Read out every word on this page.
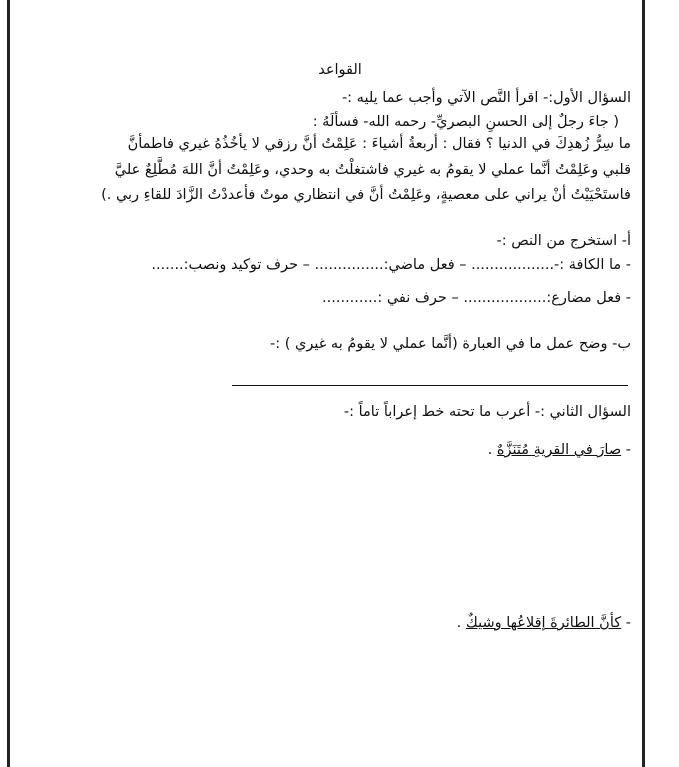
القواعد
السؤال الأول:- اقرأ النَّص الآتي وأجب عما يليه :-
( جاءَ رجلٌ إلى الحسنِ البصريِّ- رحمه الله- فسألَهُ :
ما سِرُّ زُهدِكَ في الدنيا ؟ فقال : أربعةُ أشياءَ : عَلِمْتُ أنَّ رزقي لا يأخُذُهُ غيري فاطمأنَّ
قلبي وعَلِمْتُ أنَّما عملي لا يقومُ به غيري فاشتغلْتُ به وحدي، وعَلِمْتُ أنَّ اللهَ مُطَّلِعٌ عليَّ
فاستَحْيَيْتُ أنْ يراني على معصيةٍ، وعَلِمْتُ أنَّ في انتظاري موتٌ فأعددْتُ الزَّادَ للقاءِ ربي .)
أ- استخرج من النص :-
- ما الكافة :-.................. – فعل ماضي:............... – حرف توكيد ونصب:.......
- فعل مضارع:.................. – حرف نفي :............
ب- وضح عمل ما في العبارة (أنَّما عملي لا يقومُ به غيري ) :-
السؤال الثاني :- أعرب ما تحته خط إعراباً تاماً :-
- صارَ في القريةِ مُتَنَزَّهٌ .
- كأنَّ الطائرةَ إقلاعُها وشيكٌ .
